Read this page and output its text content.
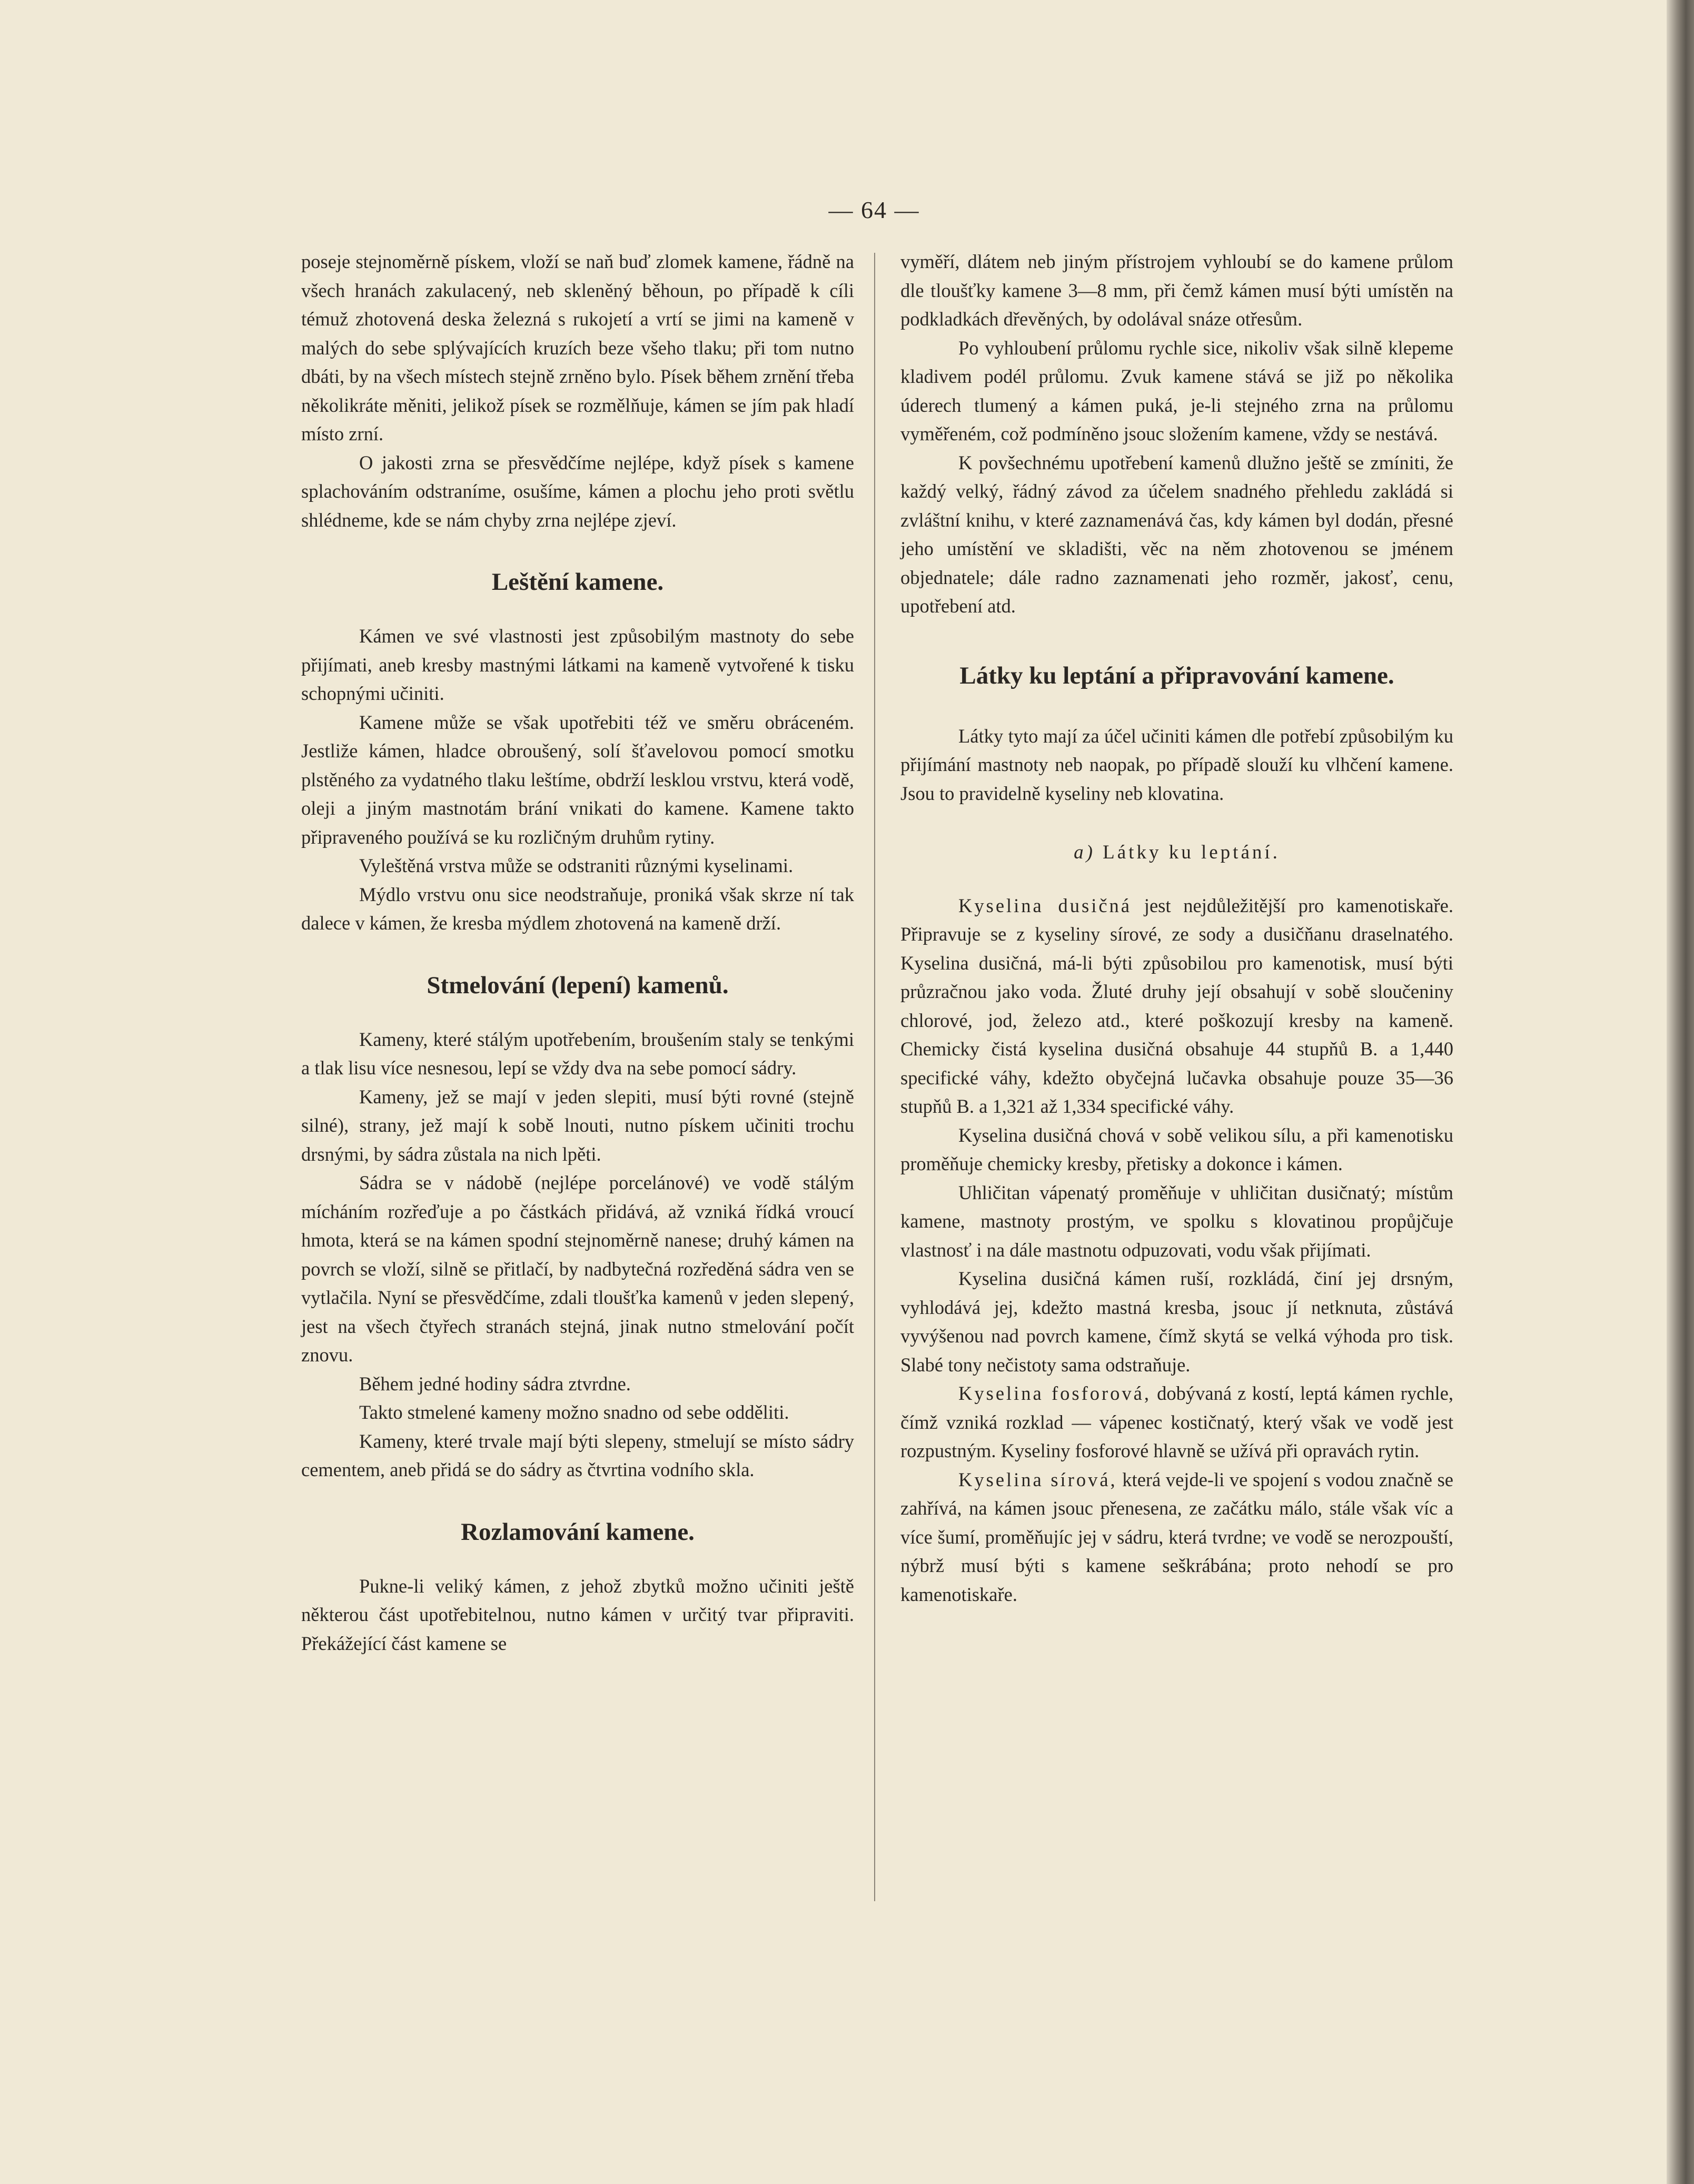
— 64 —

poseje stejnoměrně pískem, vloží se naň buď zlomek kamene, řádně na všech hranách zakulacený, neb skleněný běhoun, po případě k cíli témuž zhotovená deska železná s rukojetí a vrtí se jimi na kameně v malých do sebe splývajících kruzích beze všeho tlaku; při tom nutno dbáti, by na všech místech stejně zrněno bylo. Písek během zrnění třeba několikráte měniti, jelikož písek se rozmělňuje, kámen se jím pak hladí místo zrní.

O jakosti zrna se přesvědčíme nejlépe, když písek s kamene splachováním odstraníme, osušíme, kámen a plochu jeho proti světlu shlédneme, kde se nám chyby zrna nejlépe zjeví.

Leštění kamene.

Kámen ve své vlastnosti jest způsobilým mastnoty do sebe přijímati, aneb kresby mastnými látkami na kameně vytvořené k tisku schopnými učiniti.

Kamene může se však upotřebiti též ve směru obráceném. Jestliže kámen, hladce obroušený, solí šťavelovou pomocí smotku plstěného za vydatného tlaku leštíme, obdrží lesklou vrstvu, která vodě, oleji a jiným mastnotám brání vnikati do kamene. Kamene takto připraveného používá se ku rozličným druhům rytiny.

Vyleštěná vrstva může se odstraniti různými kyselinami.

Mýdlo vrstvu onu sice neodstraňuje, proniká však skrze ní tak dalece v kámen, že kresba mýdlem zhotovená na kameně drží.

Stmelování (lepení) kamenů.

Kameny, které stálým upotřebením, broušením staly se tenkými a tlak lisu více nesnesou, lepí se vždy dva na sebe pomocí sádry.

Kameny, jež se mají v jeden slepiti, musí býti rovné (stejně silné), strany, jež mají k sobě lnouti, nutno pískem učiniti trochu drsnými, by sádra zůstala na nich lpěti.

Sádra se v nádobě (nejlépe porcelánové) ve vodě stálým mícháním rozřeďuje a po částkách přidává, až vzniká řídká vroucí hmota, která se na kámen spodní stejnoměrně nanese; druhý kámen na povrch se vloží, silně se přitlačí, by nadbytečná rozředěná sádra ven se vytlačila. Nyní se přesvědčíme, zdali tloušťka kamenů v jeden slepený, jest na všech čtyřech stranách stejná, jinak nutno stmelování počít znovu.

Během jedné hodiny sádra ztvrdne.

Takto stmelené kameny možno snadno od sebe odděliti.

Kameny, které trvale mají býti slepeny, stmelují se místo sádry cementem, aneb přidá se do sádry as čtvrtina vodního skla.

Rozlamování kamene.

Pukne-li veliký kámen, z jehož zbytků možno učiniti ještě některou část upotřebitelnou, nutno kámen v určitý tvar připraviti. Překážející část kamene se

vyměří, dlátem neb jiným přístrojem vyhloubí se do kamene průlom dle tloušťky kamene 3—8 mm, při čemž kámen musí býti umístěn na podkladkách dřevěných, by odolával snáze otřesům.

Po vyhloubení průlomu rychle sice, nikoliv však silně klepeme kladivem podél průlomu. Zvuk kamene stává se již po několika úderech tlumený a kámen puká, je-li stejného zrna na průlomu vyměřeném, což podmíněno jsouc složením kamene, vždy se nestává.

K povšechnému upotřebení kamenů dlužno ještě se zmíniti, že každý velký, řádný závod za účelem snadného přehledu zakládá si zvláštní knihu, v které zaznamenává čas, kdy kámen byl dodán, přesné jeho umístění ve skladišti, věc na něm zhotovenou se jménem objednatele; dále radno zaznamenati jeho rozměr, jakosť, cenu, upotřebení atd.

Látky ku leptání a připravování kamene.

Látky tyto mají za účel učiniti kámen dle potřebí způsobilým ku přijímání mastnoty neb naopak, po případě slouží ku vlhčení kamene. Jsou to pravidelně kyseliny neb klovatina.

a) Látky ku leptání.

Kyselina dusičná jest nejdůležitější pro kamenotiskaře. Připravuje se z kyseliny sírové, ze sody a dusičňanu draselnatého. Kyselina dusičná, má-li býti způsobilou pro kamenotisk, musí býti průzračnou jako voda. Žluté druhy její obsahují v sobě sloučeniny chlorové, jod, železo atd., které poškozují kresby na kameně. Chemicky čistá kyselina dusičná obsahuje 44 stupňů B. a 1,440 specifické váhy, kdežto obyčejná lučavka obsahuje pouze 35—36 stupňů B. a 1,321 až 1,334 specifické váhy.

Kyselina dusičná chová v sobě velikou sílu, a při kamenotisku proměňuje chemicky kresby, přetisky a dokonce i kámen.

Uhličitan vápenatý proměňuje v uhličitan dusičnatý; místům kamene, mastnoty prostým, ve spolku s klovatinou propůjčuje vlastnosť i na dále mastnotu odpuzovati, vodu však přijímati.

Kyselina dusičná kámen ruší, rozkládá, činí jej drsným, vyhlodává jej, kdežto mastná kresba, jsouc jí netknuta, zůstává vyvýšenou nad povrch kamene, čímž skytá se velká výhoda pro tisk. Slabé tony nečistoty sama odstraňuje.

Kyselina fosforová, dobývaná z kostí, leptá kámen rychle, čímž vzniká rozklad — vápenec kostičnatý, který však ve vodě jest rozpustným. Kyseliny fosforové hlavně se užívá při opravách rytin.

Kyselina sírová, která vejde-li ve spojení s vodou značně se zahřívá, na kámen jsouc přenesena, ze začátku málo, stále však víc a více šumí, proměňujíc jej v sádru, která tvrdne; ve vodě se nerozpouští, nýbrž musí býti s kamene seškrábána; proto nehodí se pro kamenotiskaře.
